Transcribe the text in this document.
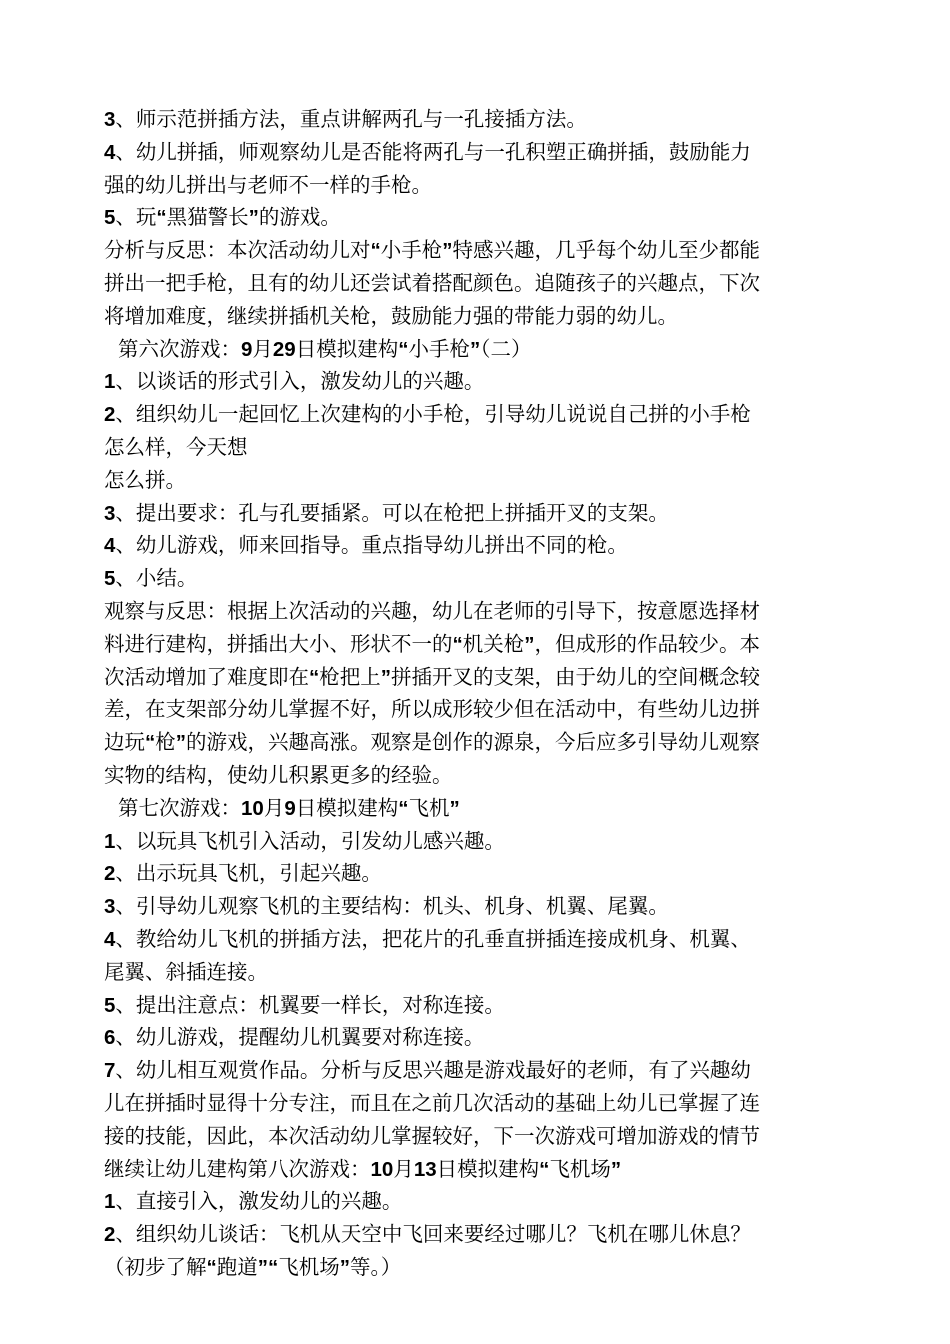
3、师示范拼插方法，重点讲解两孔与一孔接插方法。
4、幼儿拼插，师观察幼儿是否能将两孔与一孔积塑正确拼插，鼓励能力
强的幼儿拼出与老师不一样的手枪。
5、玩“黑猫警长”的游戏。
分析与反思：本次活动幼儿对“小手枪”特感兴趣，几乎每个幼儿至少都能
拼出一把手枪，且有的幼儿还尝试着搭配颜色。追随孩子的兴趣点，下次
将增加难度，继续拼插机关枪，鼓励能力强的带能力弱的幼儿。
第六次游戏：9月29日模拟建构“小手枪”（二）
1、以谈话的形式引入，激发幼儿的兴趣。
2、组织幼儿一起回忆上次建构的小手枪，引导幼儿说说自己拼的小手枪
怎么样，今天想
怎么拼。
3、提出要求：孔与孔要插紧。可以在枪把上拼插开叉的支架。
4、幼儿游戏，师来回指导。重点指导幼儿拼出不同的枪。
5、小结。
观察与反思：根据上次活动的兴趣，幼儿在老师的引导下，按意愿选择材
料进行建构，拼插出大小、形状不一的“机关枪”，但成形的作品较少。本
次活动增加了难度即在“枪把上”拼插开叉的支架，由于幼儿的空间概念较
差，在支架部分幼儿掌握不好，所以成形较少但在活动中，有些幼儿边拼
边玩“枪”的游戏，兴趣高涨。观察是创作的源泉，今后应多引导幼儿观察
实物的结构，使幼儿积累更多的经验。
第七次游戏：10月9日模拟建构“飞机”
1、以玩具飞机引入活动，引发幼儿感兴趣。
2、出示玩具飞机，引起兴趣。
3、引导幼儿观察飞机的主要结构：机头、机身、机翼、尾翼。
4、教给幼儿飞机的拼插方法，把花片的孔垂直拼插连接成机身、机翼、
尾翼、斜插连接。
5、提出注意点：机翼要一样长，对称连接。
6、幼儿游戏，提醒幼儿机翼要对称连接。
7、幼儿相互观赏作品。分析与反思兴趣是游戏最好的老师，有了兴趣幼
儿在拼插时显得十分专注，而且在之前几次活动的基础上幼儿已掌握了连
接的技能，因此，本次活动幼儿掌握较好，下一次游戏可增加游戏的情节
继续让幼儿建构第八次游戏：10月13日模拟建构“飞机场”
1、直接引入，激发幼儿的兴趣。
2、组织幼儿谈话：飞机从天空中飞回来要经过哪儿？飞机在哪儿休息？
（初步了解“跑道”“飞机场”等。）
